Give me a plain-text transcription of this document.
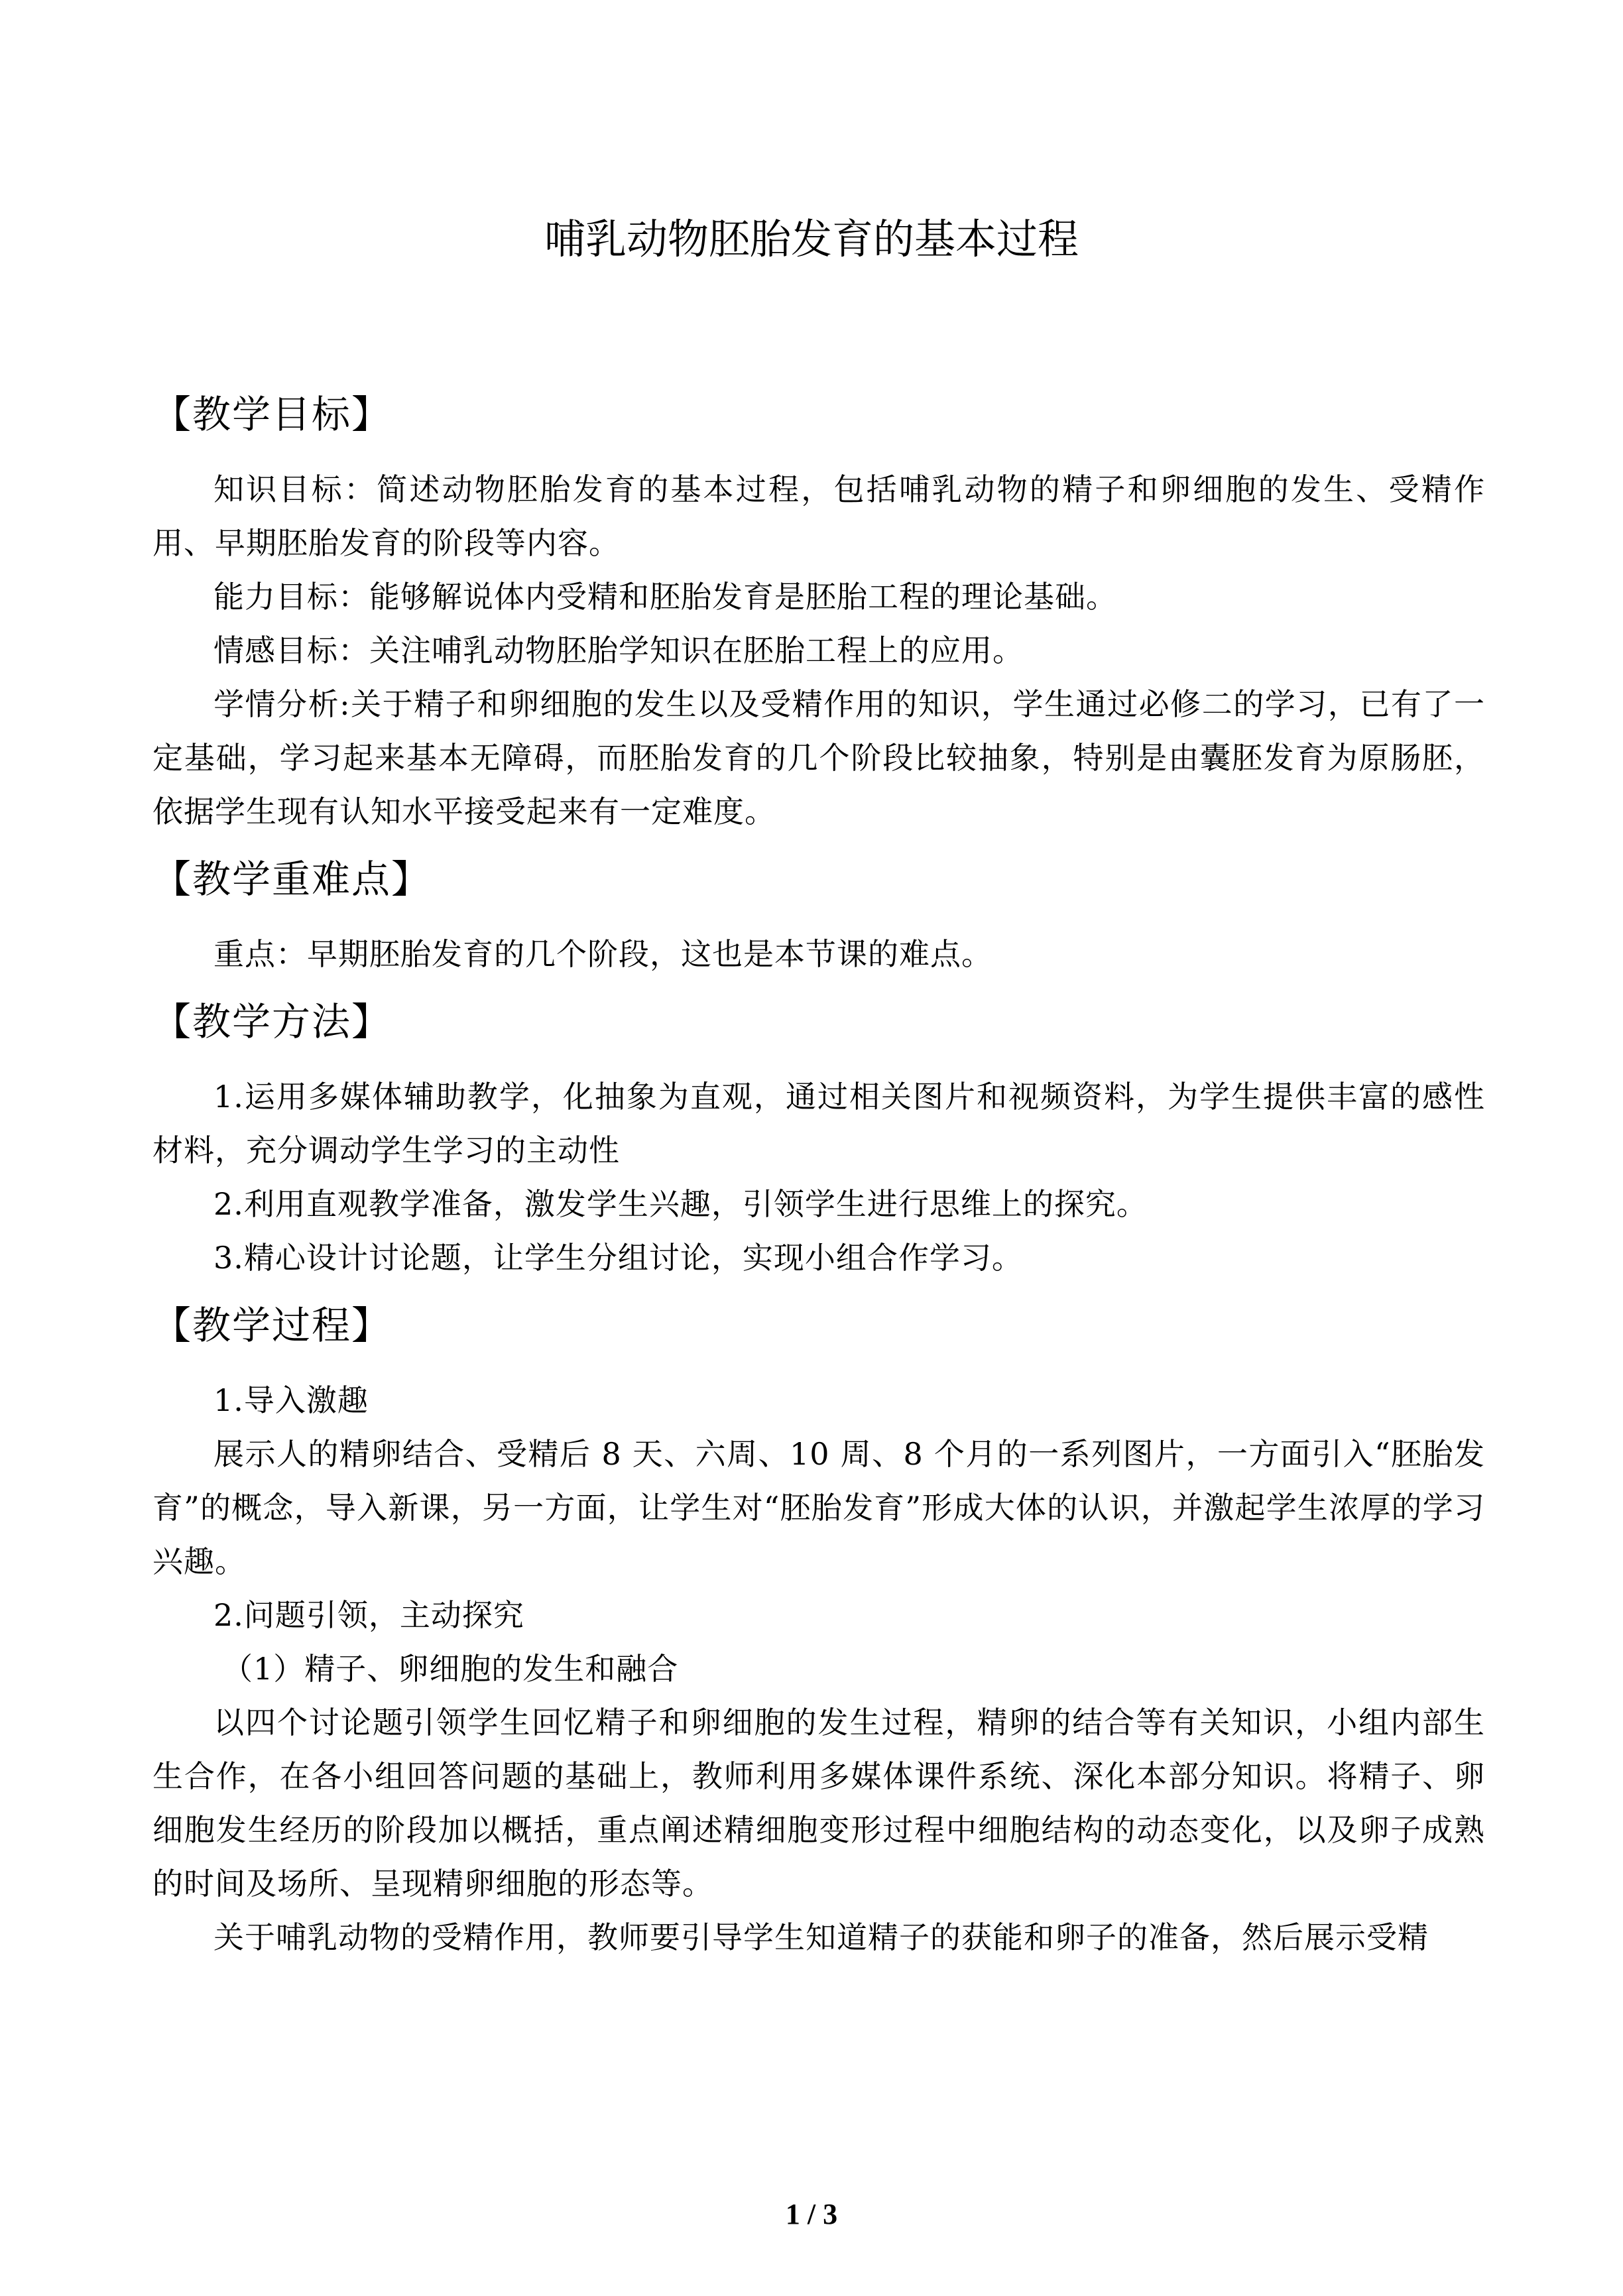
哺乳动物胚胎发育的基本过程
【教学目标】

知识目标：简述动物胚胎发育的基本过程，包括哺乳动物的精子和卵细胞的发生、受精作用、早期胚胎发育的阶段等内容。

能力目标：能够解说体内受精和胚胎发育是胚胎工程的理论基础。

情感目标：关注哺乳动物胚胎学知识在胚胎工程上的应用。

学情分析:关于精子和卵细胞的发生以及受精作用的知识，学生通过必修二的学习，已有了一定基础，学习起来基本无障碍，而胚胎发育的几个阶段比较抽象，特别是由囊胚发育为原肠胚，依据学生现有认知水平接受起来有一定难度。

【教学重难点】

重点：早期胚胎发育的几个阶段，这也是本节课的难点。

【教学方法】

1.运用多媒体辅助教学，化抽象为直观，通过相关图片和视频资料，为学生提供丰富的感性材料，充分调动学生学习的主动性

2.利用直观教学准备，激发学生兴趣，引领学生进行思维上的探究。

3.精心设计讨论题，让学生分组讨论，实现小组合作学习。

【教学过程】

1.导入激趣

展示人的精卵结合、受精后 8 天、六周、10 周、8 个月的一系列图片，一方面引入“胚胎发育”的概念，导入新课，另一方面，让学生对“胚胎发育”形成大体的认识，并激起学生浓厚的学习兴趣。

2.问题引领，主动探究

（1）精子、卵细胞的发生和融合

以四个讨论题引领学生回忆精子和卵细胞的发生过程，精卵的结合等有关知识，小组内部生生合作，在各小组回答问题的基础上，教师利用多媒体课件系统、深化本部分知识。将精子、卵细胞发生经历的阶段加以概括，重点阐述精细胞变形过程中细胞结构的动态变化，以及卵子成熟的时间及场所、呈现精卵细胞的形态等。

关于哺乳动物的受精作用，教师要引导学生知道精子的获能和卵子的准备，然后展示受精

1 / 3
